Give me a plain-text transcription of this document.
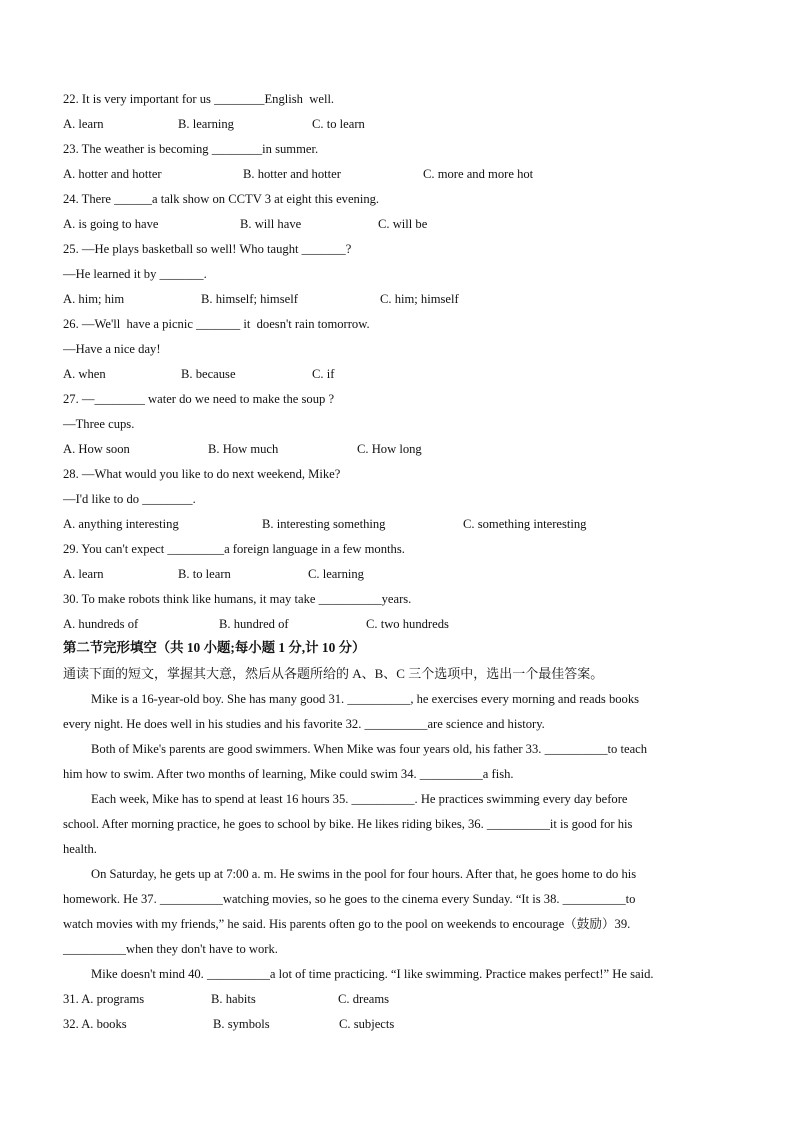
22. It is very important for us ________English  well.
A. learn	B. learning	C. to learn
23. The weather is becoming ________in summer.
A. hotter and hotter	B. hotter and hotter	C. more and more hot
24. There ______a talk show on CCTV 3 at eight this evening.
A. is going to have	B. will have	C. will be
25. —He plays basketball so well! Who taught _______?
—He learned it by _______.
A. him; him	B. himself; himself	C. him; himself
26. —We'll  have a picnic _______ it  doesn't rain tomorrow.
—Have a nice day!
A. when	B. because	C. if
27. —________ water do we need to make the soup ?
—Three cups.
A. How soon	B. How much	C. How long
28. —What would you like to do next weekend, Mike?
—I'd like to do ________.
A. anything interesting	B. interesting something	C. something interesting
29. You can't expect _________a foreign language in a few months.
A. learn	B. to learn	C. learning
30. To make robots think like humans, it may take __________years.
A. hundreds of	B. hundred of	C. two hundreds
第二节完形填空（共 10 小题;每小题 1 分,计 10 分）
通读下面的短文，掌握其大意，然后从各题所给的 A、B、C 三个选项中，选出一个最佳答案。
Mike is a 16-year-old boy. She has many good 31. __________, he exercises every morning and reads books
every night. He does well in his studies and his favorite 32. __________are science and history.
Both of Mike's parents are good swimmers. When Mike was four years old, his father 33. __________to teach
him how to swim. After two months of learning, Mike could swim 34. __________a fish.
Each week, Mike has to spend at least 16 hours 35. __________. He practices swimming every day before
school. After morning practice, he goes to school by bike. He likes riding bikes, 36. __________it is good for his
health.
On Saturday, he gets up at 7:00 a. m. He swims in the pool for four hours. After that, he goes home to do his
homework. He 37. __________watching movies, so he goes to the cinema every Sunday. “It is 38. __________to
watch movies with my friends,” he said. His parents often go to the pool on weekends to encourage（鼓励）39.
__________when they don't have to work.
Mike doesn't mind 40. __________a lot of time practicing. “I like swimming. Practice makes perfect!” He said.
31. A. programs	B. habits	C. dreams
32. A. books	B. symbols	C. subjects
